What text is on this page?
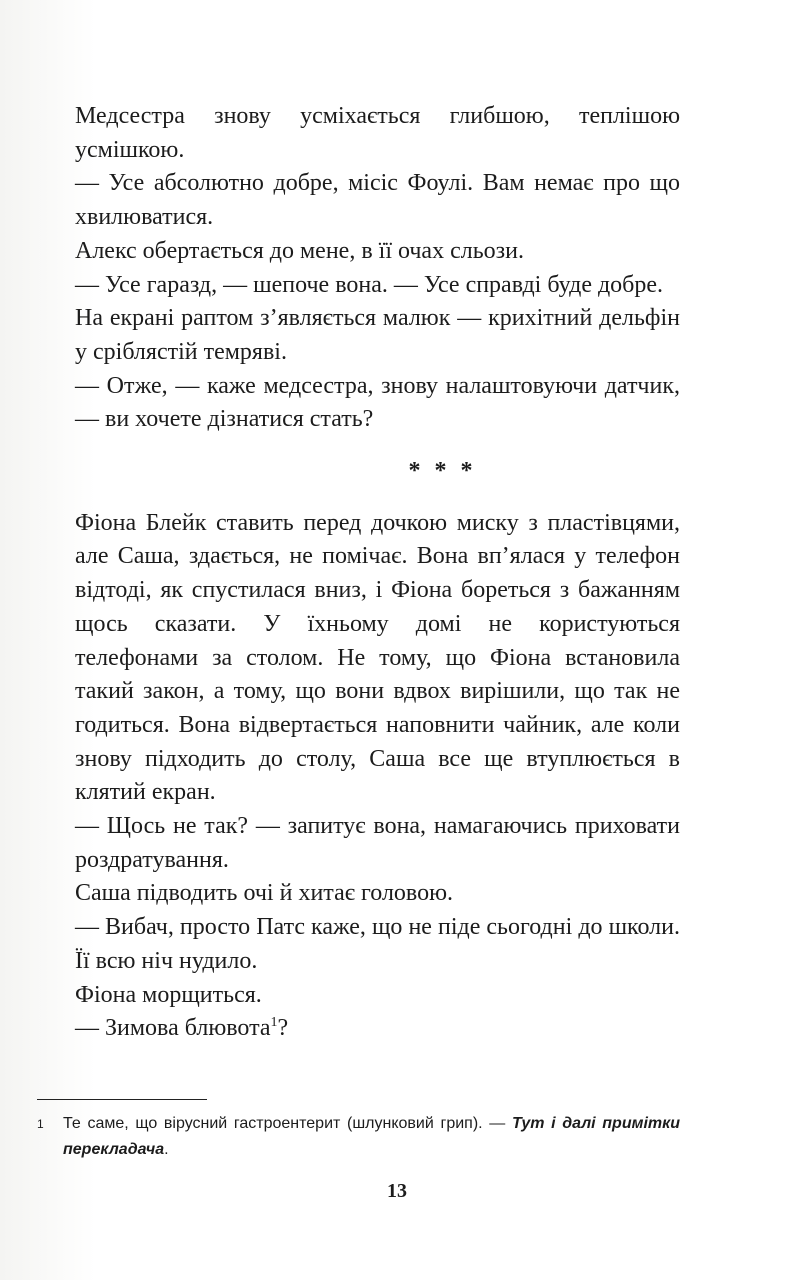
Медсестра знову усміхається глибшою, теплішою усмішкою.

— Усе абсолютно добре, місіс Фоулі. Вам немає про що хвилюватися.

Алекс обертається до мене, в її очах сльози.

— Усе гаразд, — шепоче вона. — Усе справді буде добре.

На екрані раптом з’являється малюк — крихітний дельфін у сріблястій темряві.

— Отже, — каже медсестра, знову налаштовуючи датчик, — ви хочете дізнатися стать?

* * *

Фіона Блейк ставить перед дочкою миску з пластівцями, але Саша, здається, не помічає. Вона вп’ялася у телефон відтоді, як спустилася вниз, і Фіона бореться з бажанням щось сказати. У їхньому домі не користуються телефонами за столом. Не тому, що Фіона встановила такий закон, а тому, що вони вдвох вирішили, що так не годиться. Вона відвертається наповнити чайник, але коли знову підходить до столу, Саша все ще втуплюється в клятий екран.

— Щось не так? — запитує вона, намагаючись приховати роздратування.

Саша підводить очі й хитає головою.

— Вибач, просто Патс каже, що не піде сьогодні до школи. Її всю ніч нудило.

Фіона морщиться.

— Зимова блювота$^1$?

1 Те саме, що вірусний гастроентерит (шлунковий грип). — Тут і далі примітки перекладача.
13
